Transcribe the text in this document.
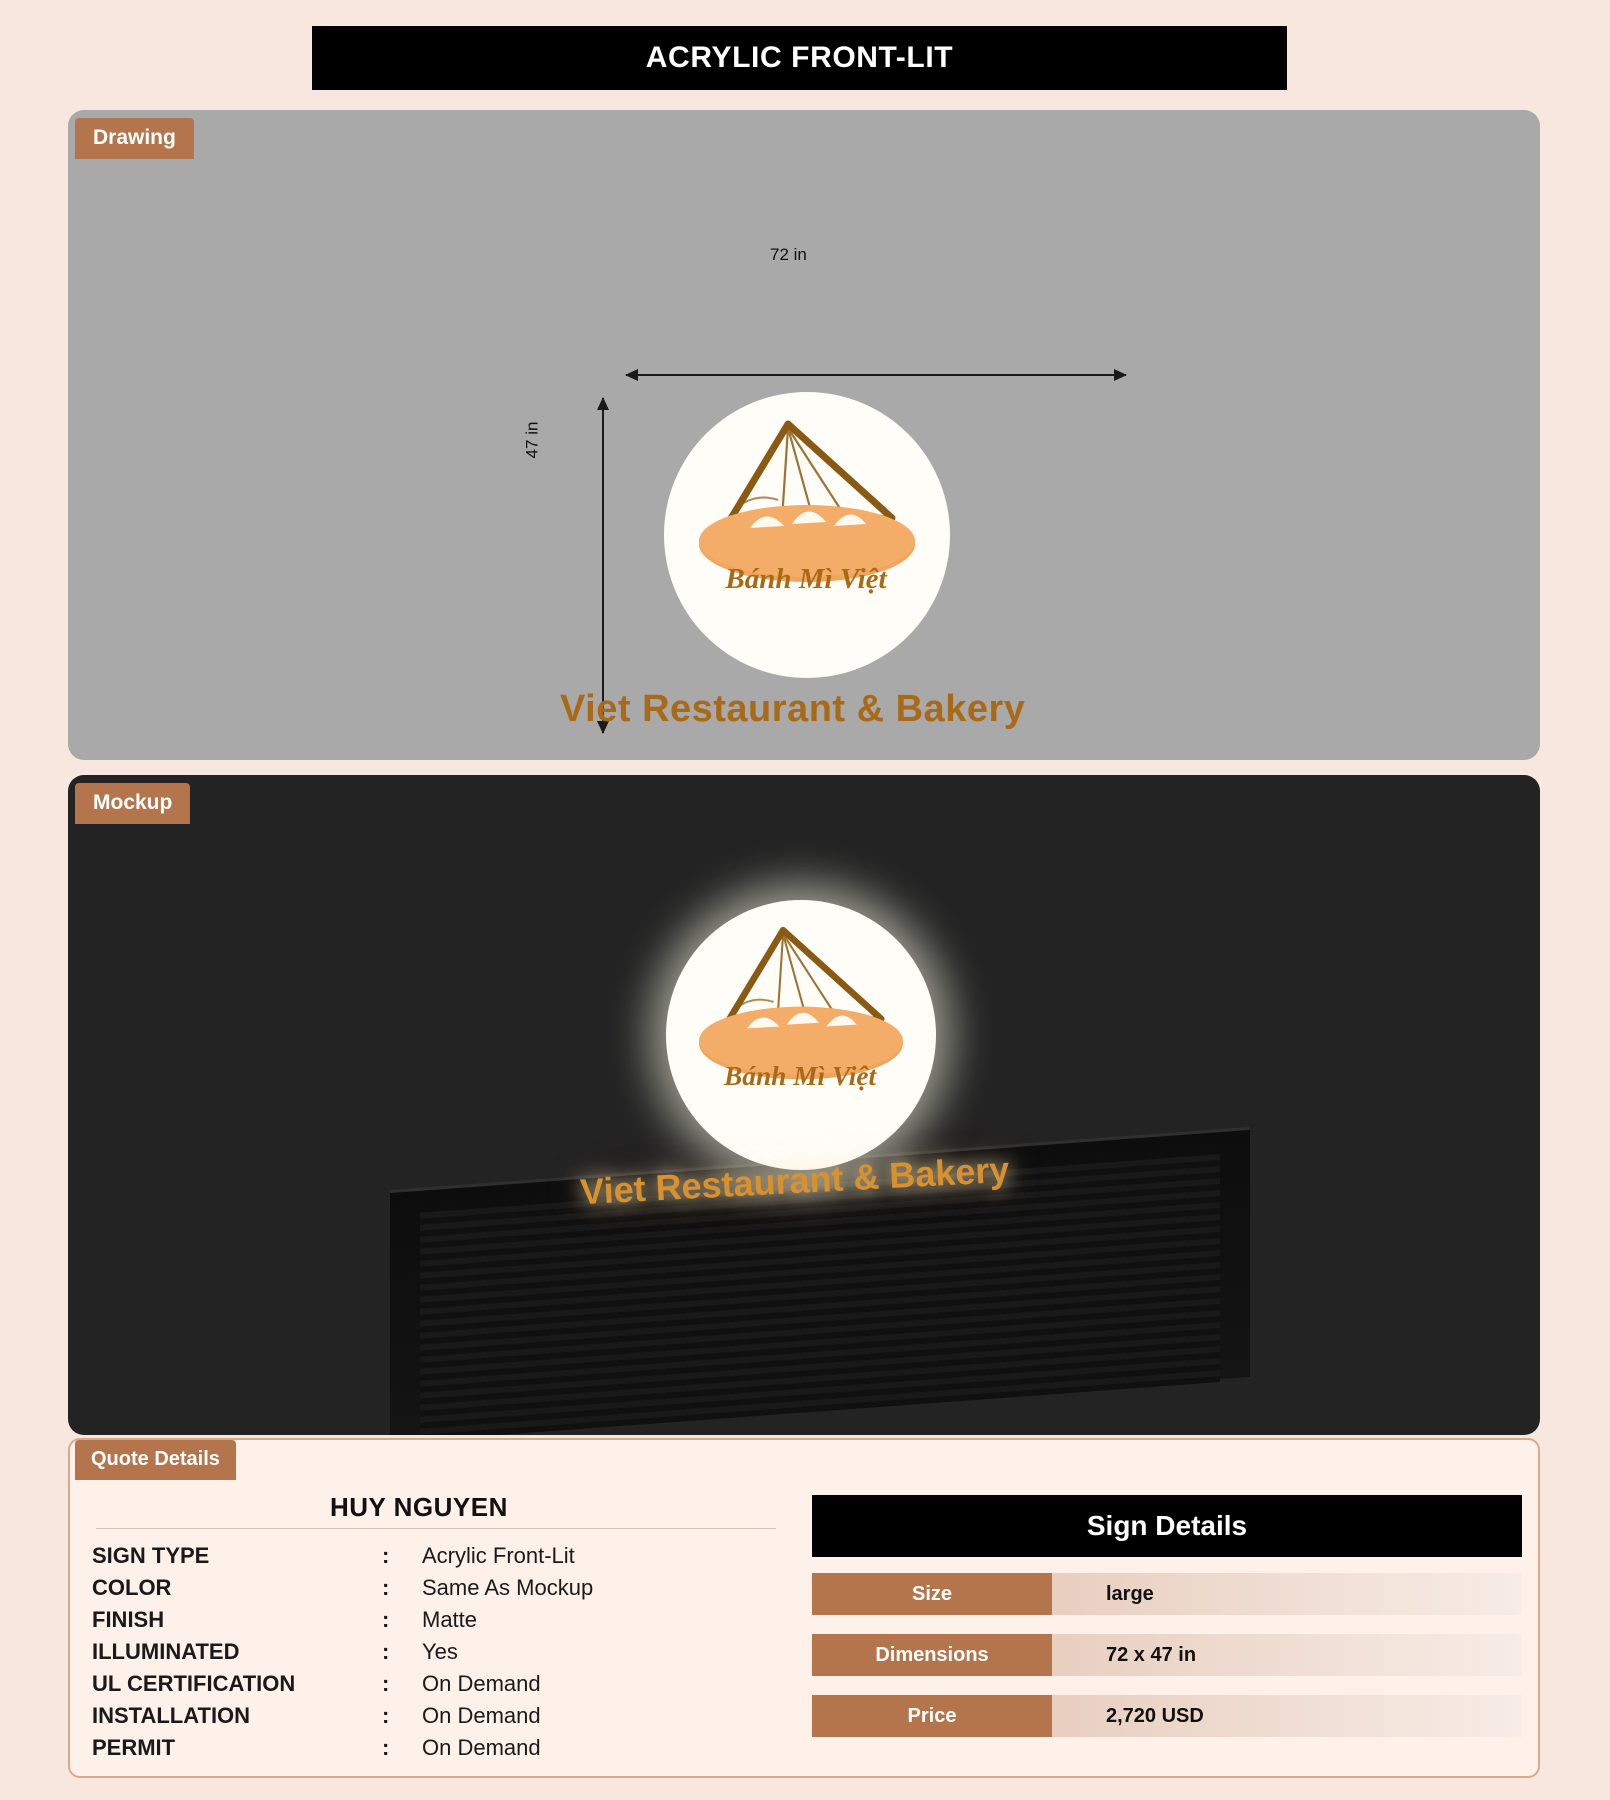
ACRYLIC FRONT-LIT
Drawing
Bánh Mì Việt
Viet Restaurant & Bakery
72 in
47 in
Mockup
Bánh Mì Việt
Viet Restaurant & Bakery
Quote Details
HUY NGUYEN
SIGN TYPE	:	Acrylic Front-Lit
COLOR	:	Same As Mockup
FINISH	:	Matte
ILLUMINATED	:	Yes
UL CERTIFICATION	:	On Demand
INSTALLATION	:	On Demand
PERMIT	:	On Demand
Sign Details
Size	large
Dimensions	72 x 47 in
Price	2,720 USD
